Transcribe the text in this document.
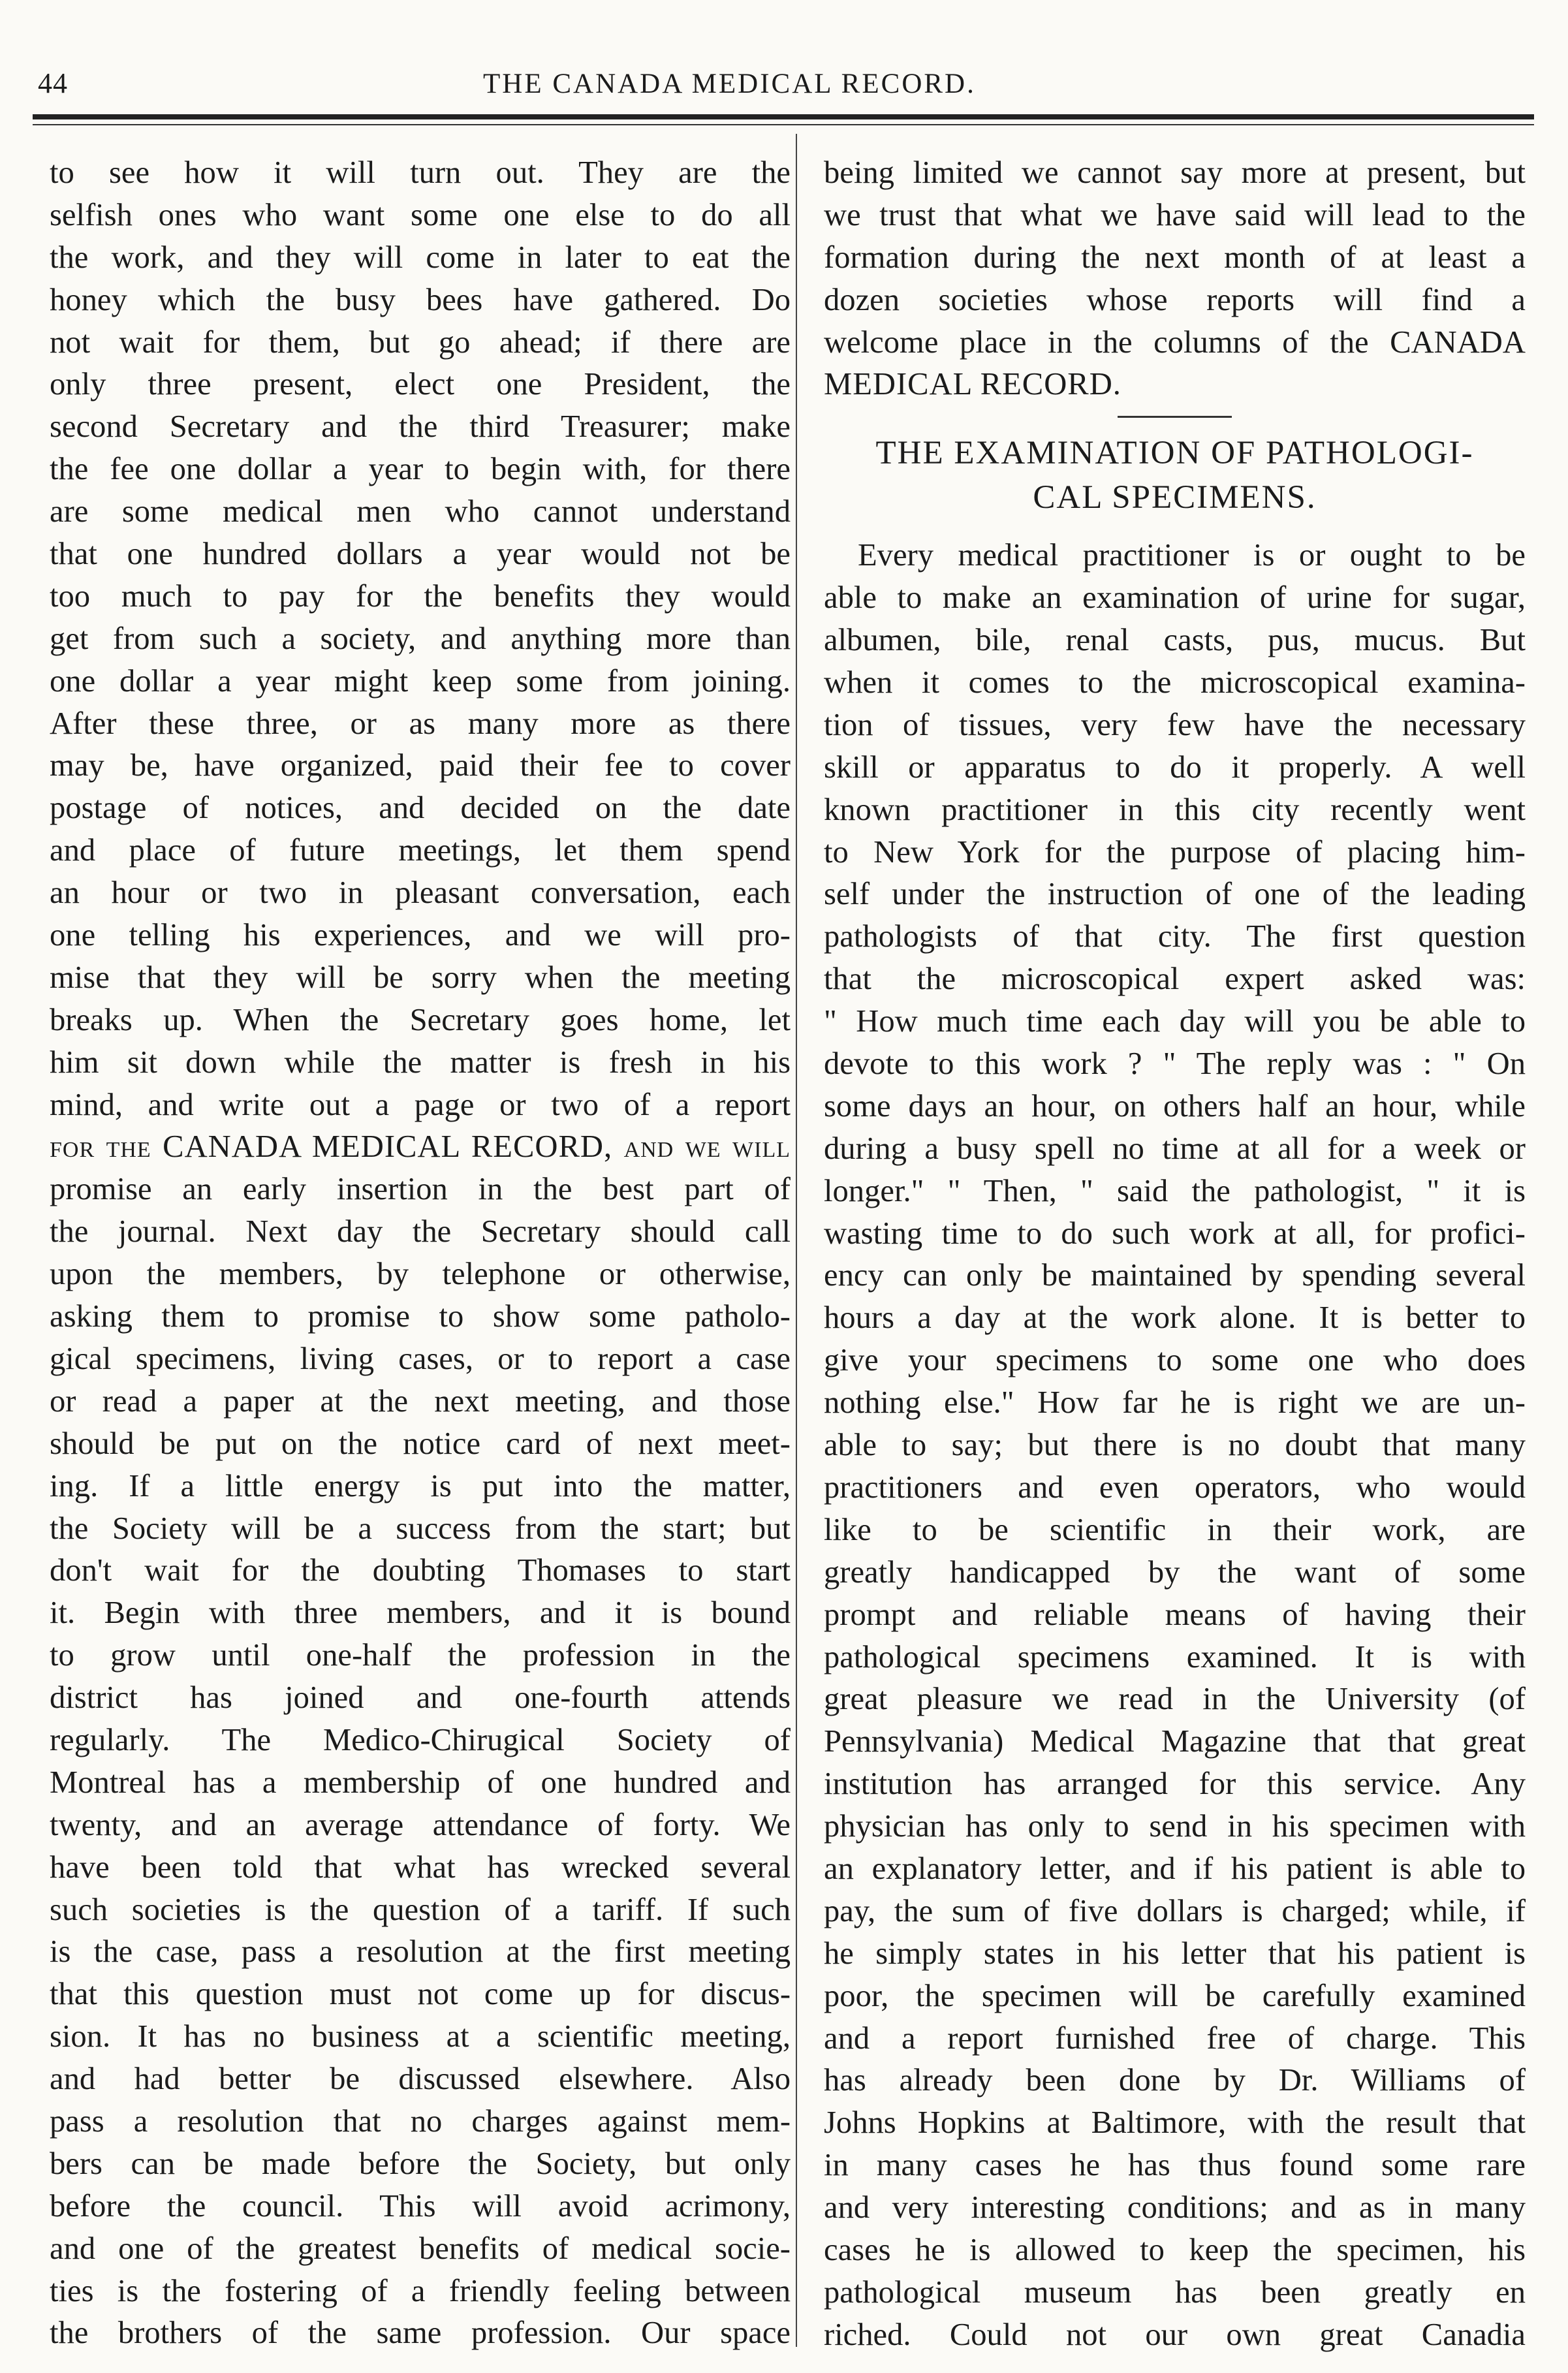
44	THE CANADA MEDICAL RECORD.
to see how it will turn out. They are the
selfish ones who want some one else to do all
the work, and they will come in later to eat the
honey which the busy bees have gathered. Do
not wait for them, but go ahead; if there are
only three present, elect one President, the
second Secretary and the third Treasurer; make
the fee one dollar a year to begin with, for there
are some medical men who cannot understand
that one hundred dollars a year would not be
too much to pay for the benefits they would
get from such a society, and anything more than
one dollar a year might keep some from joining.
After these three, or as many more as there
may be, have organized, paid their fee to cover
postage of notices, and decided on the date
and place of future meetings, let them spend
an hour or two in pleasant conversation, each
one telling his experiences, and we will pro-
mise that they will be sorry when the meeting
breaks up. When the Secretary goes home, let
him sit down while the matter is fresh in his
mind, and write out a page or two of a report
for the CANADA MEDICAL RECORD, and we will
promise an early insertion in the best part of
the journal. Next day the Secretary should call
upon the members, by telephone or otherwise,
asking them to promise to show some patholo-
gical specimens, living cases, or to report a case
or read a paper at the next meeting, and those
should be put on the notice card of next meet-
ing. If a little energy is put into the matter,
the Society will be a success from the start; but
don't wait for the doubting Thomases to start
it. Begin with three members, and it is bound
to grow until one-half the profession in the
district has joined and one-fourth attends
regularly. The Medico-Chirugical Society of
Montreal has a membership of one hundred and
twenty, and an average attendance of forty. We
have been told that what has wrecked several
such societies is the question of a tariff. If such
is the case, pass a resolution at the first meeting
that this question must not come up for discus-
sion. It has no business at a scientific meeting,
and had better be discussed elsewhere. Also
pass a resolution that no charges against mem-
bers can be made before the Society, but only
before the council. This will avoid acrimony,
and one of the greatest benefits of medical socie-
ties is the fostering of a friendly feeling between
the brothers of the same profession. Our space
being limited we cannot say more at present, but
we trust that what we have said will lead to the
formation during the next month of at least a
dozen societies whose reports will find a
welcome place in the columns of the CANADA
MEDICAL RECORD.
THE EXAMINATION OF PATHOLOGI-
CAL SPECIMENS.
Every medical practitioner is or ought to be
able to make an examination of urine for sugar,
albumen, bile, renal casts, pus, mucus. But
when it comes to the microscopical examina-
tion of tissues, very few have the necessary
skill or apparatus to do it properly. A well
known practitioner in this city recently went
to New York for the purpose of placing him-
self under the instruction of one of the leading
pathologists of that city. The first question
that the microscopical expert asked was:
" How much time each day will you be able to
devote to this work ? " The reply was : " On
some days an hour, on others half an hour, while
during a busy spell no time at all for a week or
longer." " Then, " said the pathologist, " it is
wasting time to do such work at all, for profici-
ency can only be maintained by spending several
hours a day at the work alone. It is better to
give your specimens to some one who does
nothing else." How far he is right we are un-
able to say; but there is no doubt that many
practitioners and even operators, who would
like to be scientific in their work, are
greatly handicapped by the want of some
prompt and reliable means of having their
pathological specimens examined. It is with
great pleasure we read in the University (of
Pennsylvania) Medical Magazine that that great
institution has arranged for this service. Any
physician has only to send in his specimen with
an explanatory letter, and if his patient is able to
pay, the sum of five dollars is charged; while, if
he simply states in his letter that his patient is
poor, the specimen will be carefully examined
and a report furnished free of charge. This
has already been done by Dr. Williams of
Johns Hopkins at Baltimore, with the result that
in many cases he has thus found some rare
and very interesting conditions; and as in many
cases he is allowed to keep the specimen, his
pathological museum has been greatly en
riched. Could not our own great Canadia
